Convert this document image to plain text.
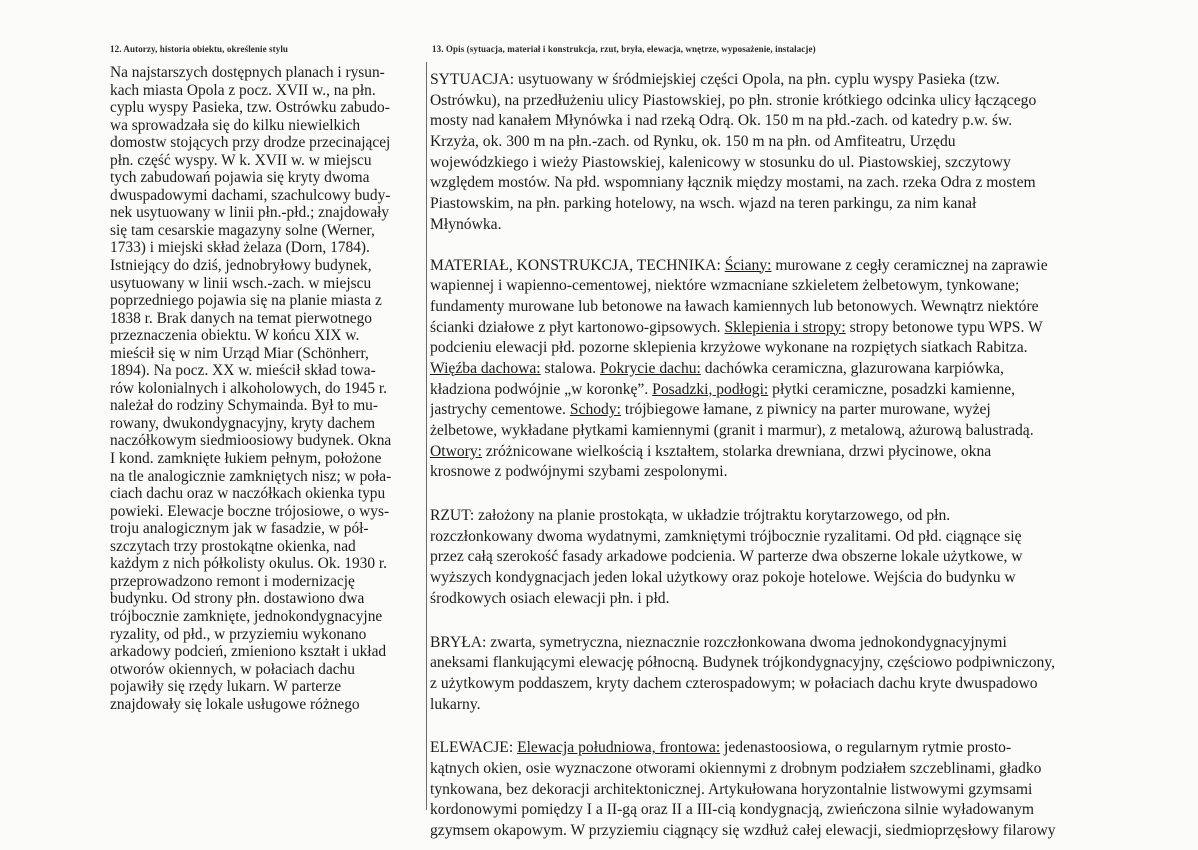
12. Autorzy, historia obiektu, określenie stylu	13. Opis (sytuacja, materiał i konstrukcja, rzut, bryła, elewacja, wnętrze, wyposażenie, instalacje)
Na najstarszych dostępnych planach i rysun-
kach miasta Opola z pocz. XVII w., na płn.
cyplu wyspy Pasieka, tzw. Ostrówku zabudo-
wa sprowadzała się do kilku niewielkich
domostw stojących przy drodze przecinającej
płn. część wyspy. W k. XVII w. w miejscu
tych zabudowań pojawia się kryty dwoma
dwuspadowymi dachami, szachulcowy budy-
nek usytuowany w linii płn.-płd.; znajdowały
się tam cesarskie magazyny solne (Werner,
1733) i miejski skład żelaza (Dorn, 1784).
Istniejący do dziś, jednobryłowy budynek,
usytuowany w linii wsch.-zach. w miejscu
poprzedniego pojawia się na planie miasta z
1838 r. Brak danych na temat pierwotnego
przeznaczenia obiektu. W końcu XIX w.
mieścił się w nim Urząd Miar (Schönherr,
1894). Na pocz. XX w. mieścił skład towa-
rów kolonialnych i alkoholowych, do 1945 r.
należał do rodziny Schymainda. Był to mu-
rowany, dwukondygnacyjny, kryty dachem
naczółkowym siedmioosiowy budynek. Okna
I kond. zamknięte łukiem pełnym, położone
na tle analogicznie zamkniętych nisz; w poła-
ciach dachu oraz w naczółkach okienka typu
powieki. Elewacje boczne trójosiowe, o wys-
troju analogicznym jak w fasadzie, w pół-
szczytach trzy prostokątne okienka, nad
każdym z nich półkolisty okulus. Ok. 1930 r.
przeprowadzono remont i modernizację
budynku. Od strony płn. dostawiono dwa
trójbocznie zamknięte, jednokondygnacyjne
ryzality, od płd., w przyziemiu wykonano
arkadowy podcień, zmieniono kształt i układ
otworów okiennych, w połaciach dachu
pojawiły się rzędy lukarn. W parterze
znajdowały się lokale usługowe różnego
SYTUACJA: usytuowany w śródmiejskiej części Opola, na płn. cyplu wyspy Pasieka (tzw.
Ostrówku), na przedłużeniu ulicy Piastowskiej, po płn. stronie krótkiego odcinka ulicy łączącego
mosty nad kanałem Młynówka i nad rzeką Odrą. Ok. 150 m na płd.-zach. od katedry p.w. św.
Krzyża, ok. 300 m na płn.-zach. od Rynku, ok. 150 m na płn. od Amfiteatru, Urzędu
wojewódzkiego i wieży Piastowskiej, kalenicowy w stosunku do ul. Piastowskiej, szczytowy
względem mostów. Na płd. wspomniany łącznik między mostami, na zach. rzeka Odra z mostem
Piastowskim, na płn. parking hotelowy, na wsch. wjazd na teren parkingu, za nim kanał
Młynówka.
MATERIAŁ, KONSTRUKCJA, TECHNIKA: Ściany: murowane z cegły ceramicznej na zaprawie
wapiennej i wapienno-cementowej, niektóre wzmacniane szkieletem żelbetowym, tynkowane;
fundamenty murowane lub betonowe na ławach kamiennych lub betonowych. Wewnątrz niektóre
ścianki działowe z płyt kartonowo-gipsowych. Sklepienia i stropy: stropy betonowe typu WPS. W
podcieniu elewacji płd. pozorne sklepienia krzyżowe wykonane na rozpiętych siatkach Rabitza.
Więźba dachowa: stalowa. Pokrycie dachu: dachówka ceramiczna, glazurowana karpiówka,
kładziona podwójnie „w koronkę”. Posadzki, podłogi: płytki ceramiczne, posadzki kamienne,
jastrychy cementowe. Schody: trójbiegowe łamane, z piwnicy na parter murowane, wyżej
żelbetowe, wykładane płytkami kamiennymi (granit i marmur), z metalową, ażurową balustradą.
Otwory: zróżnicowane wielkością i kształtem, stolarka drewniana, drzwi płycinowe, okna
krosnowe z podwójnymi szybami zespolonymi.
RZUT: założony na planie prostokąta, w układzie trójtraktu korytarzowego, od płn.
rozczłonkowany dwoma wydatnymi, zamkniętymi trójbocznie ryzalitami. Od płd. ciągnące się
przez całą szerokość fasady arkadowe podcienia. W parterze dwa obszerne lokale użytkowe, w
wyższych kondygnacjach jeden lokal użytkowy oraz pokoje hotelowe. Wejścia do budynku w
środkowych osiach elewacji płn. i płd.
BRYŁA: zwarta, symetryczna, nieznacznie rozczłonkowana dwoma jednokondygnacyjnymi
aneksami flankującymi elewację północną. Budynek trójkondygnacyjny, częściowo podpiwniczony,
z użytkowym poddaszem, kryty dachem czterospadowym; w połaciach dachu kryte dwuspadowo
lukarny.
ELEWACJE: Elewacja południowa, frontowa: jedenastoosiowa, o regularnym rytmie prosto-
kątnych okien, osie wyznaczone otworami okiennymi z drobnym podziałem szczeblinami, gładko
tynkowana, bez dekoracji architektonicznej. Artykułowana horyzontalnie listwowymi gzymsami
kordonowymi pomiędzy I a II-gą oraz II a III-cią kondygnacją, zwieńczona silnie wyładowanym
gzymsem okapowym. W przyziemiu ciągnący się wzdłuż całej elewacji, siedmioprzęsłowy filarowy
